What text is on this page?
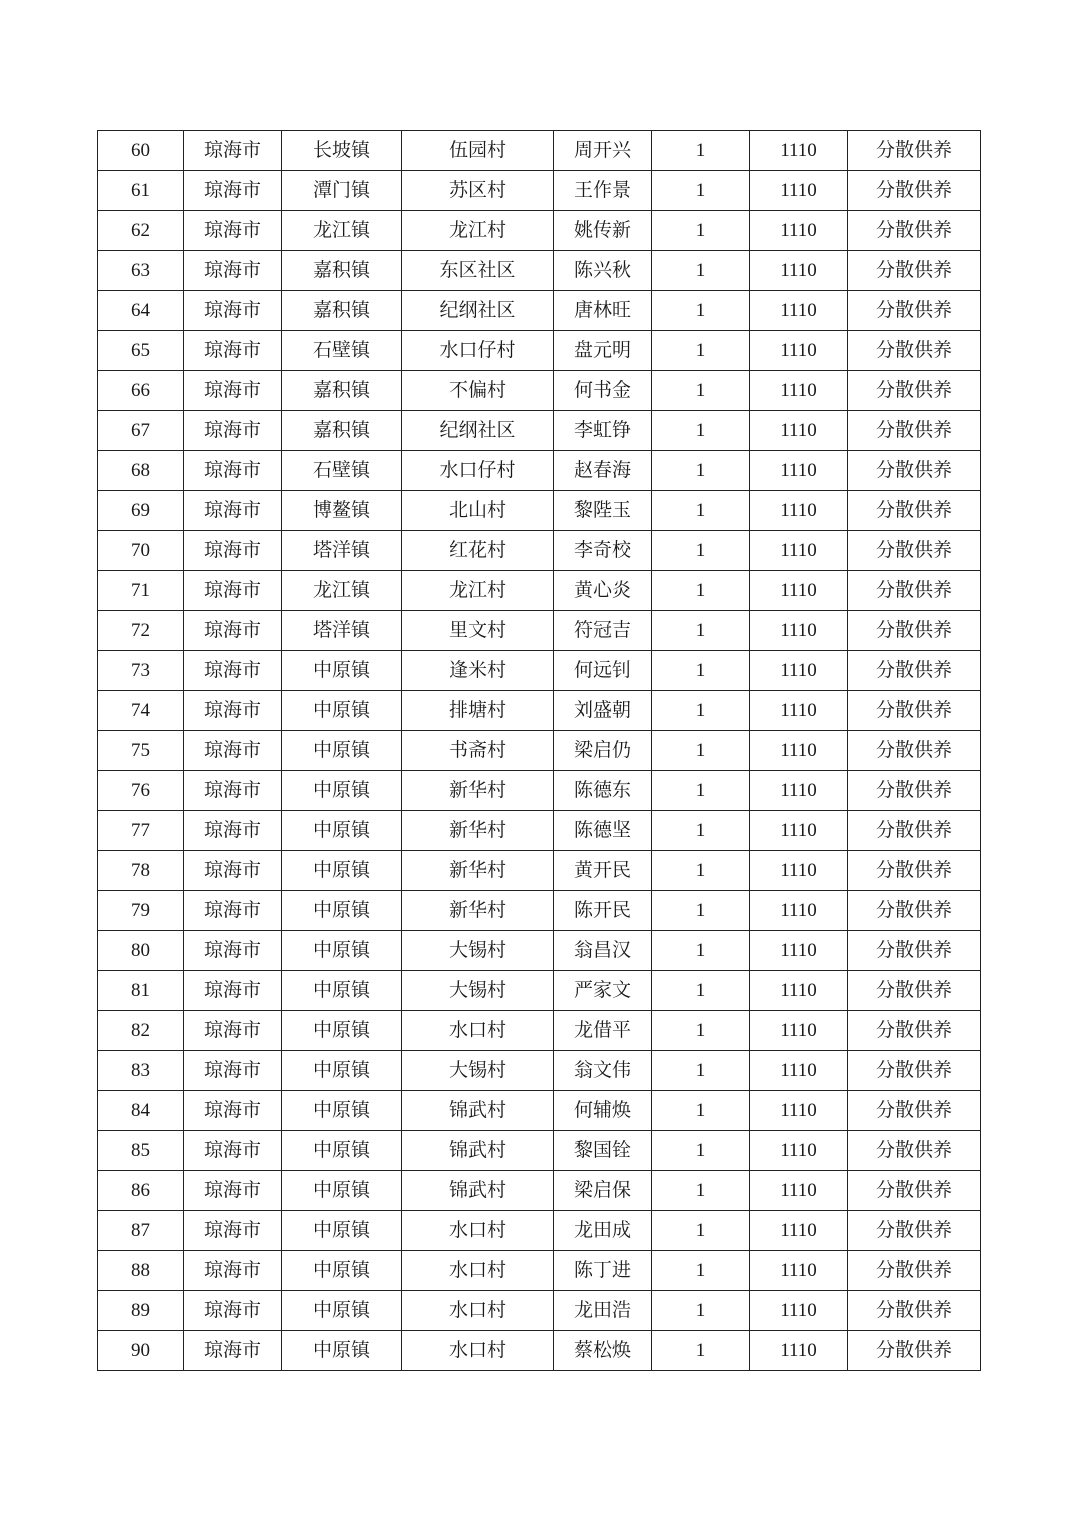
60	琼海市	长坡镇	伍园村	周开兴	1	1110	分散供养
61	琼海市	潭门镇	苏区村	王作景	1	1110	分散供养
62	琼海市	龙江镇	龙江村	姚传新	1	1110	分散供养
63	琼海市	嘉积镇	东区社区	陈兴秋	1	1110	分散供养
64	琼海市	嘉积镇	纪纲社区	唐林旺	1	1110	分散供养
65	琼海市	石壁镇	水口仔村	盘元明	1	1110	分散供养
66	琼海市	嘉积镇	不偏村	何书金	1	1110	分散供养
67	琼海市	嘉积镇	纪纲社区	李虹铮	1	1110	分散供养
68	琼海市	石壁镇	水口仔村	赵春海	1	1110	分散供养
69	琼海市	博鳌镇	北山村	黎陛玉	1	1110	分散供养
70	琼海市	塔洋镇	红花村	李奇校	1	1110	分散供养
71	琼海市	龙江镇	龙江村	黄心炎	1	1110	分散供养
72	琼海市	塔洋镇	里文村	符冠吉	1	1110	分散供养
73	琼海市	中原镇	逢米村	何远钊	1	1110	分散供养
74	琼海市	中原镇	排塘村	刘盛朝	1	1110	分散供养
75	琼海市	中原镇	书斋村	梁启仍	1	1110	分散供养
76	琼海市	中原镇	新华村	陈德东	1	1110	分散供养
77	琼海市	中原镇	新华村	陈德坚	1	1110	分散供养
78	琼海市	中原镇	新华村	黄开民	1	1110	分散供养
79	琼海市	中原镇	新华村	陈开民	1	1110	分散供养
80	琼海市	中原镇	大锡村	翁昌汉	1	1110	分散供养
81	琼海市	中原镇	大锡村	严家文	1	1110	分散供养
82	琼海市	中原镇	水口村	龙借平	1	1110	分散供养
83	琼海市	中原镇	大锡村	翁文伟	1	1110	分散供养
84	琼海市	中原镇	锦武村	何辅焕	1	1110	分散供养
85	琼海市	中原镇	锦武村	黎国铨	1	1110	分散供养
86	琼海市	中原镇	锦武村	梁启保	1	1110	分散供养
87	琼海市	中原镇	水口村	龙田成	1	1110	分散供养
88	琼海市	中原镇	水口村	陈丁进	1	1110	分散供养
89	琼海市	中原镇	水口村	龙田浩	1	1110	分散供养
90	琼海市	中原镇	水口村	蔡松焕	1	1110	分散供养
